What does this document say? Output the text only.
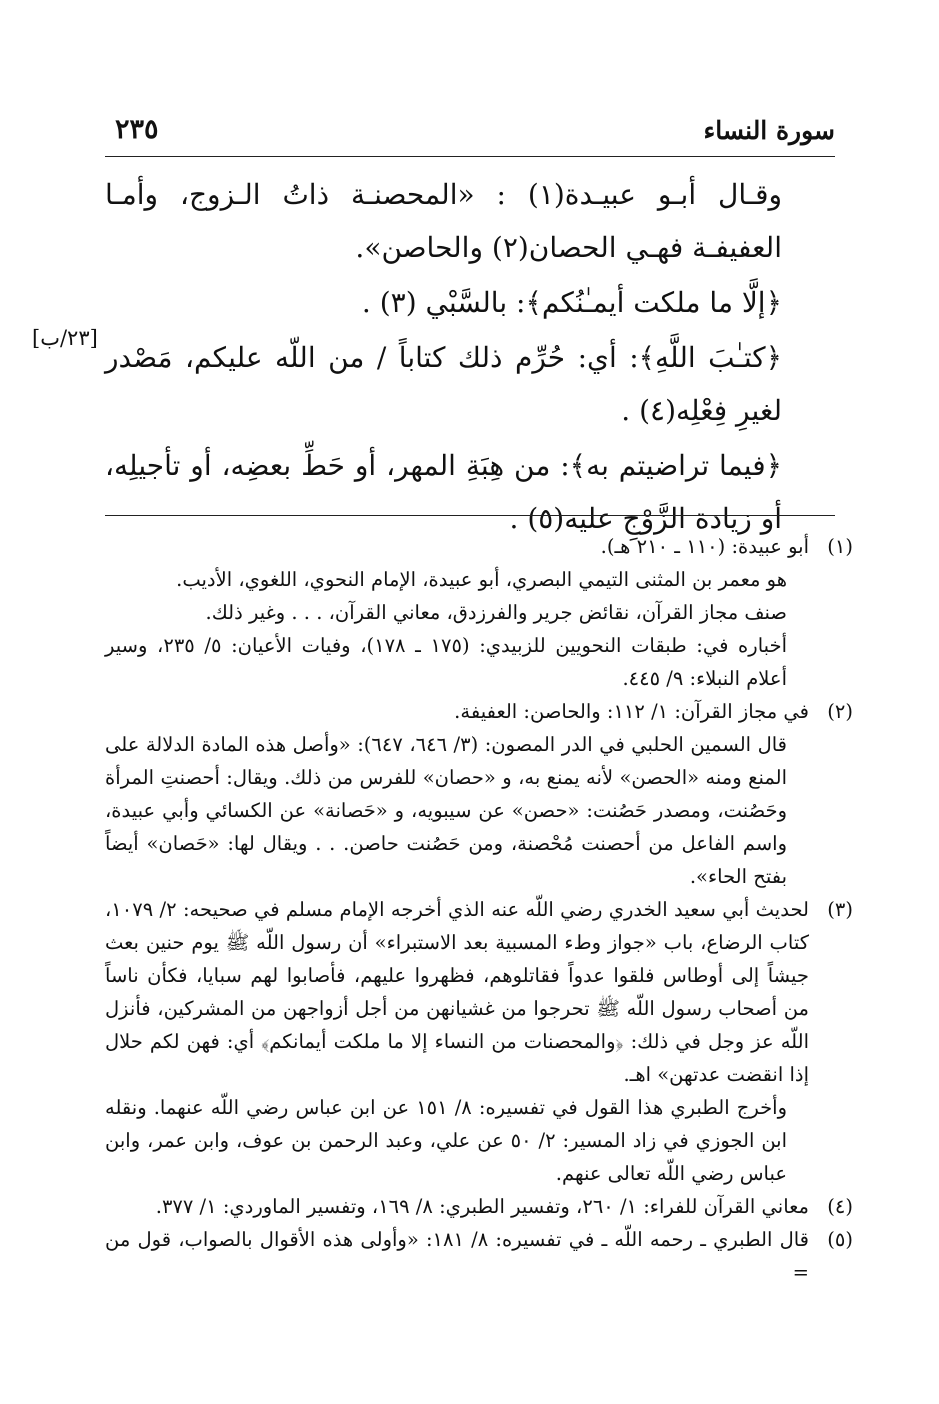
سورة النساء
٢٣٥
[٢٣/ب]

وقـال أبـو عبيـدة(١) : «المحصنـة ذاتُ الـزوج، وأمـا العفيفـة فهـي الحصان(٢) والحاصن».

﴿إلَّا ما ملكت أيمـٰنُكم﴾: بالسَّبْي (٣) .

﴿كتـٰبَ اللَّهِ﴾: أي: حُرِّم ذلك كتاباً / من اللّه عليكم، مَصْدر لغيرِ فِعْلِه(٤) .

﴿فيما تراضيتم به﴾: من هِبَةِ المهر، أو حَطِّ بعضِه، أو تأجيلِه، أو زيادة الزَّوْجِ عليه(٥) .

(١)

أبو عبيدة: (١١٠ ـ ٢١٠ هـ).

هو معمر بن المثنى التيمي البصري، أبو عبيدة، الإمام النحوي، اللغوي، الأديب.

صنف مجاز القرآن، نقائض جرير والفرزدق، معاني القرآن، . . . وغير ذلك.

أخباره في: طبقات النحويين للزبيدي: (١٧٥ ـ ١٧٨)، وفيات الأعيان: ٥/ ٢٣٥، وسير أعلام النبلاء: ٩/ ٤٤٥.

(٢)

في مجاز القرآن: ١/ ١١٢: والحاصن: العفيفة.

قال السمين الحلبي في الدر المصون: (٣/ ٦٤٦، ٦٤٧): «وأصل هذه المادة الدلالة على المنع ومنه «الحصن» لأنه يمنع به، و «حصان» للفرس من ذلك. ويقال: أحصنتِ المرأة وحَصُنت، ومصدر حَصُنت: «حصن» عن سيبويه، و «حَصانة» عن الكسائي وأبي عبيدة، واسم الفاعل من أحصنت مُحْصنة، ومن حَصُنت حاصن. . . ويقال لها: «حَصان» أيضاً بفتح الحاء».

(٣)

لحديث أبي سعيد الخدري رضي اللّه عنه الذي أخرجه الإمام مسلم في صحيحه: ٢/ ١٠٧٩، كتاب الرضاع، باب «جواز وطء المسبية بعد الاستبراء» أن رسول اللّه ﷺ يوم حنين بعث جيشاً إلى أوطاس فلقوا عدواً فقاتلوهم، فظهروا عليهم، فأصابوا لهم سبايا، فكأن ناساً من أصحاب رسول اللّه ﷺ تحرجوا من غشيانهن من أجل أزواجهن من المشركين، فأنزل اللّه عز وجل في ذلك: ﴿والمحصنات من النساء إلا ما ملكت أيمانكم﴾ أي: فهن لكم حلال إذا انقضت عدتهن» اهـ.

وأخرج الطبري هذا القول في تفسيره: ٨/ ١٥١ عن ابن عباس رضي اللّه عنهما. ونقله ابن الجوزي في زاد المسير: ٢/ ٥٠ عن علي، وعبد الرحمن بن عوف، وابن عمر، وابن عباس رضي اللّه تعالى عنهم.

(٤)

معاني القرآن للفراء: ١/ ٢٦٠، وتفسير الطبري: ٨/ ١٦٩، وتفسير الماوردي: ١/ ٣٧٧.

(٥)

قال الطبري ـ رحمه اللّه ـ في تفسيره: ٨/ ١٨١: «وأولى هذه الأقوال بالصواب، قول من =
